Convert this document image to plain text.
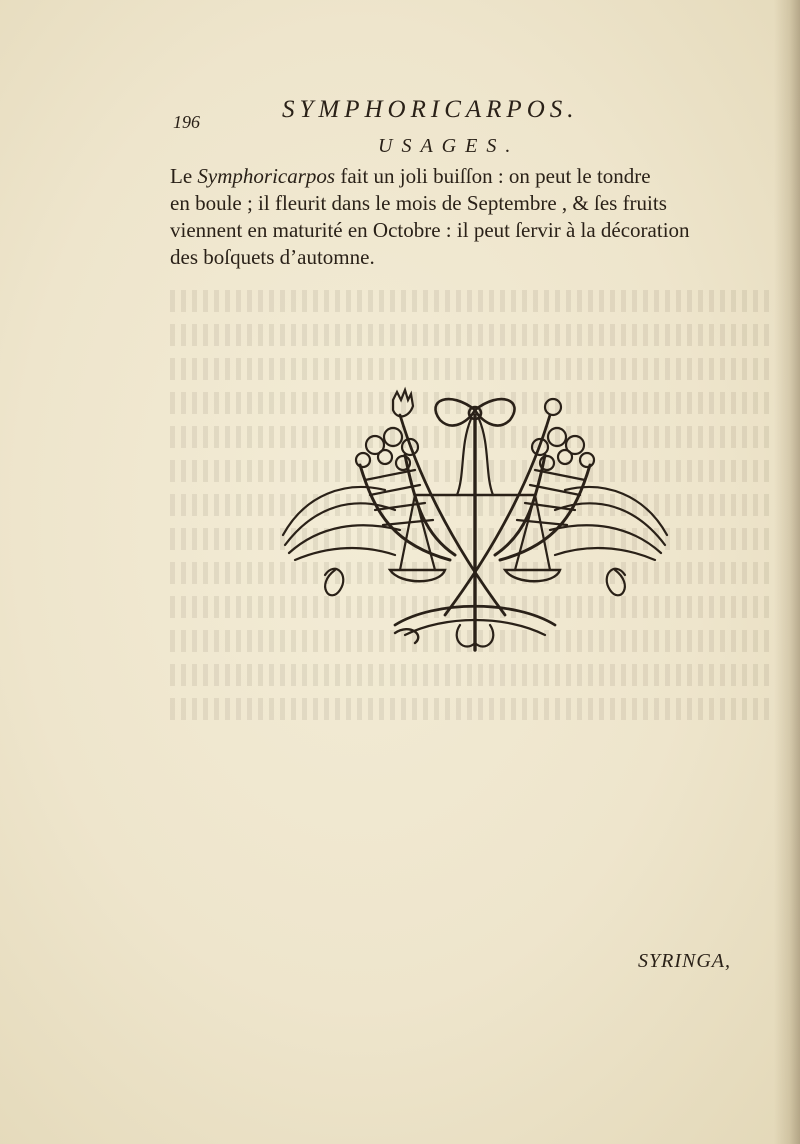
196	SYMPHORICARPOS.
USAGES.

Le Symphoricarpos fait un joli buiſſon : on peut le tondre
en boule ; il fleurit dans le mois de Septembre , & ſes fruits
viennent en maturité en Octobre : il peut ſervir à la décoration
des boſquets d’automne.

SYRINGA,
